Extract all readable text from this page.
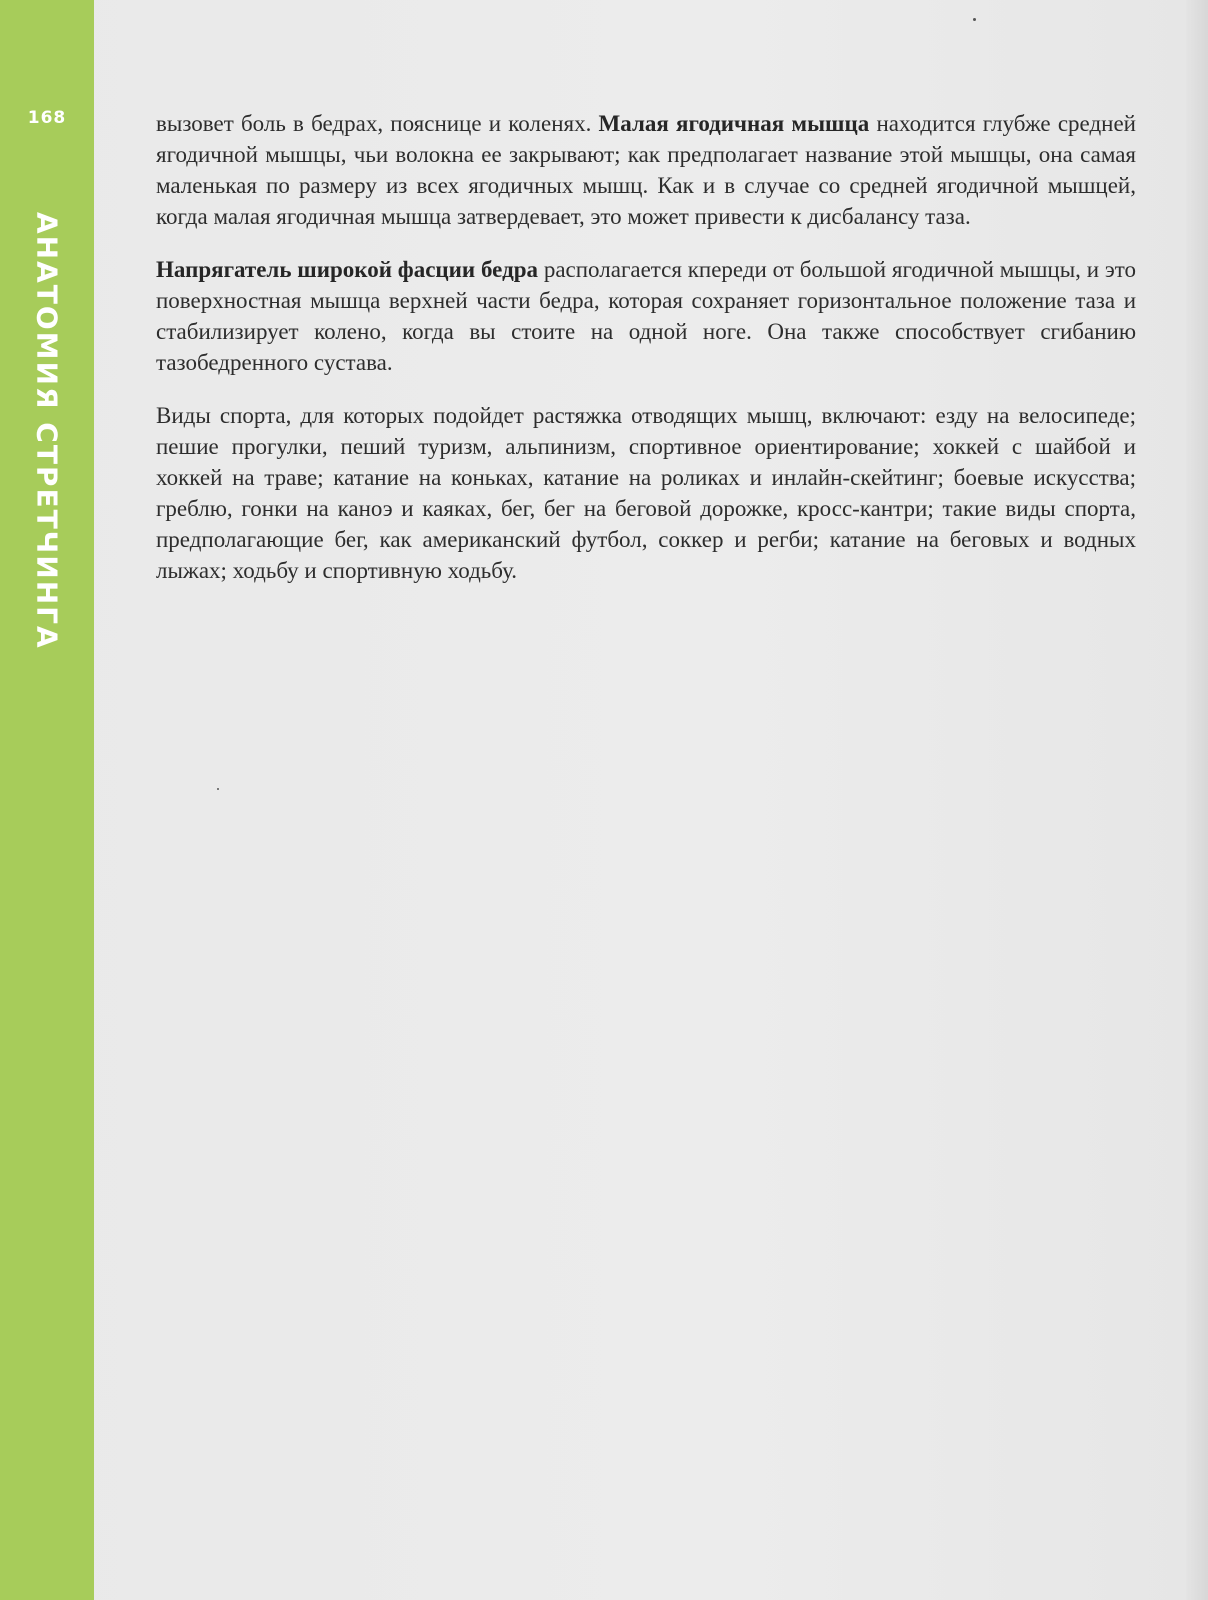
168
АНАТОМИЯ СТРЕТЧИНГА

вызовет боль в бедрах, пояснице и коленях. Малая ягодичная мышца находится глубже средней ягодичной мышцы, чьи волокна ее закрывают; как предполагает название этой мышцы, она самая маленькая по размеру из всех ягодичных мышц. Как и в случае со средней ягодичной мышцей, когда малая ягодичная мышца затвердевает, это может привести к дисбалансу таза.

Напрягатель широкой фасции бедра располагается кпереди от большой ягодичной мышцы, и это поверхностная мышца верхней части бедра, которая сохраняет горизонтальное положение таза и стабилизирует колено, когда вы стоите на одной ноге. Она также способствует сгибанию тазобедренного сустава.

Виды спорта, для которых подойдет растяжка отводящих мышц, включают: езду на велосипеде; пешие прогулки, пеший туризм, альпинизм, спортивное ориентирование; хоккей с шайбой и хоккей на траве; катание на коньках, катание на роликах и инлайн-скейтинг; боевые искусства; греблю, гонки на каноэ и каяках, бег, бег на беговой дорожке, кросс-кантри; такие виды спорта, предполагающие бег, как американский футбол, соккер и регби; катание на беговых и водных лыжах; ходьбу и спортивную ходьбу.
